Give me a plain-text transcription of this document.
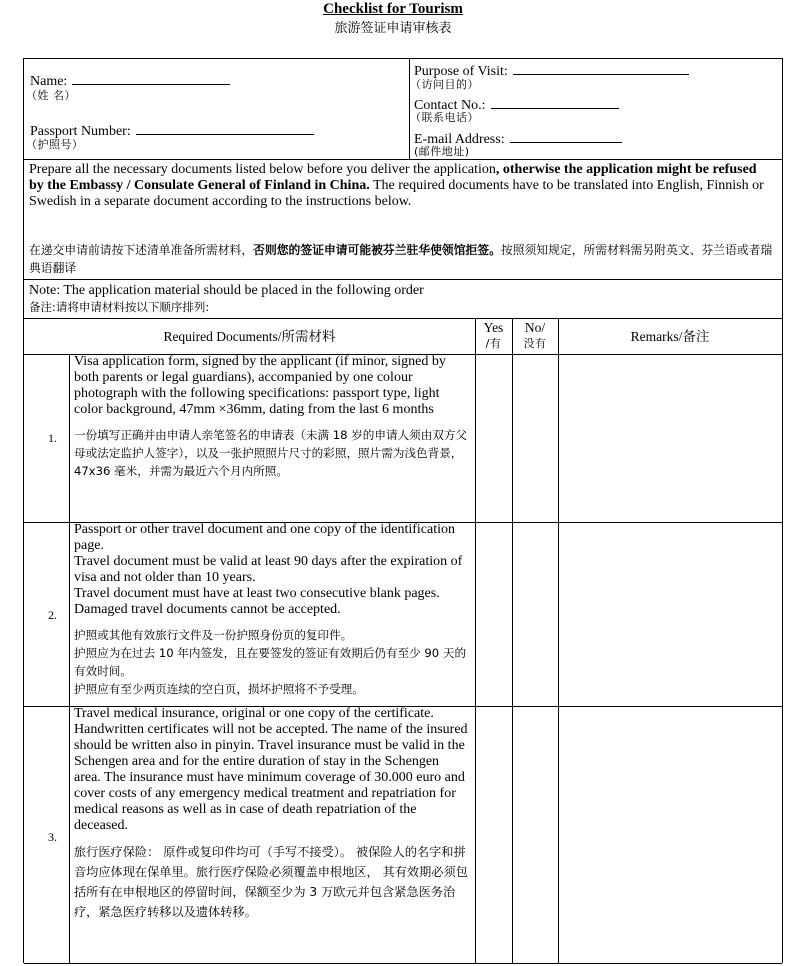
Checklist for Tourism
旅游签证申请审核表
Name:
（姓 名）
Passport Number:
（护照号）
Purpose of Visit:
（访问目的）
Contact No.:
（联系电话）
E-mail Address:
(邮件地址)
Prepare all the necessary documents listed below before you deliver the application, otherwise the application might be refused by the Embassy / Consulate General of Finland in China. The required documents have to be translated into English, Finnish or Swedish in a separate document according to the instructions below.
在递交申请前请按下述清单准备所需材料，否则您的签证申请可能被芬兰驻华使领馆拒签。按照须知规定，所需材料需另附英文、芬兰语或者瑞典语翻译
Note: The application material should be placed in the following order
备注:请将申请材料按以下顺序排列:
Required Documents/所需材料
Yes
/有
No/
没有	Remarks/备注
1.
Visa application form, signed by the applicant (if minor, signed by both parents or legal guardians), accompanied by one colour photograph with the following specifications: passport type, light color background, 47mm ×36mm, dating from the last 6 months
一份填写正确并由申请人亲笔签名的申请表（未满 18 岁的申请人须由双方父母或法定监护人签字），以及一张护照照片尺寸的彩照，照片需为浅色背景，47x36 毫米，并需为最近六个月内所照。
2.
Passport or other travel document and one copy of the identification page.
Travel document must be valid at least 90 days after the expiration of visa and not older than 10 years.
Travel document must have at least two consecutive blank pages. Damaged travel documents cannot be accepted.
护照或其他有效旅行文件及一份护照身份页的复印件。
护照应为在过去 10 年内签发，且在要签发的签证有效期后仍有至少 90 天的有效时间。
护照应有至少两页连续的空白页，损坏护照将不予受理。
3.
Travel medical insurance, original or one copy of the certificate. Handwritten certificates will not be accepted. The name of the insured should be written also in pinyin. Travel insurance must be valid in the Schengen area and for the entire duration of stay in the Schengen area. The insurance must have minimum coverage of 30.000 euro and cover costs of any emergency medical treatment and repatriation for medical reasons as well as in case of death repatriation of the deceased.
旅行医疗保险： 原件或复印件均可（手写不接受）。 被保险人的名字和拼音均应体现在保单里。旅行医疗保险必须覆盖申根地区， 其有效期必须包括所有在申根地区的停留时间，保额至少为 3 万欧元并包含紧急医务治疗，紧急医疗转移以及遗体转移。
